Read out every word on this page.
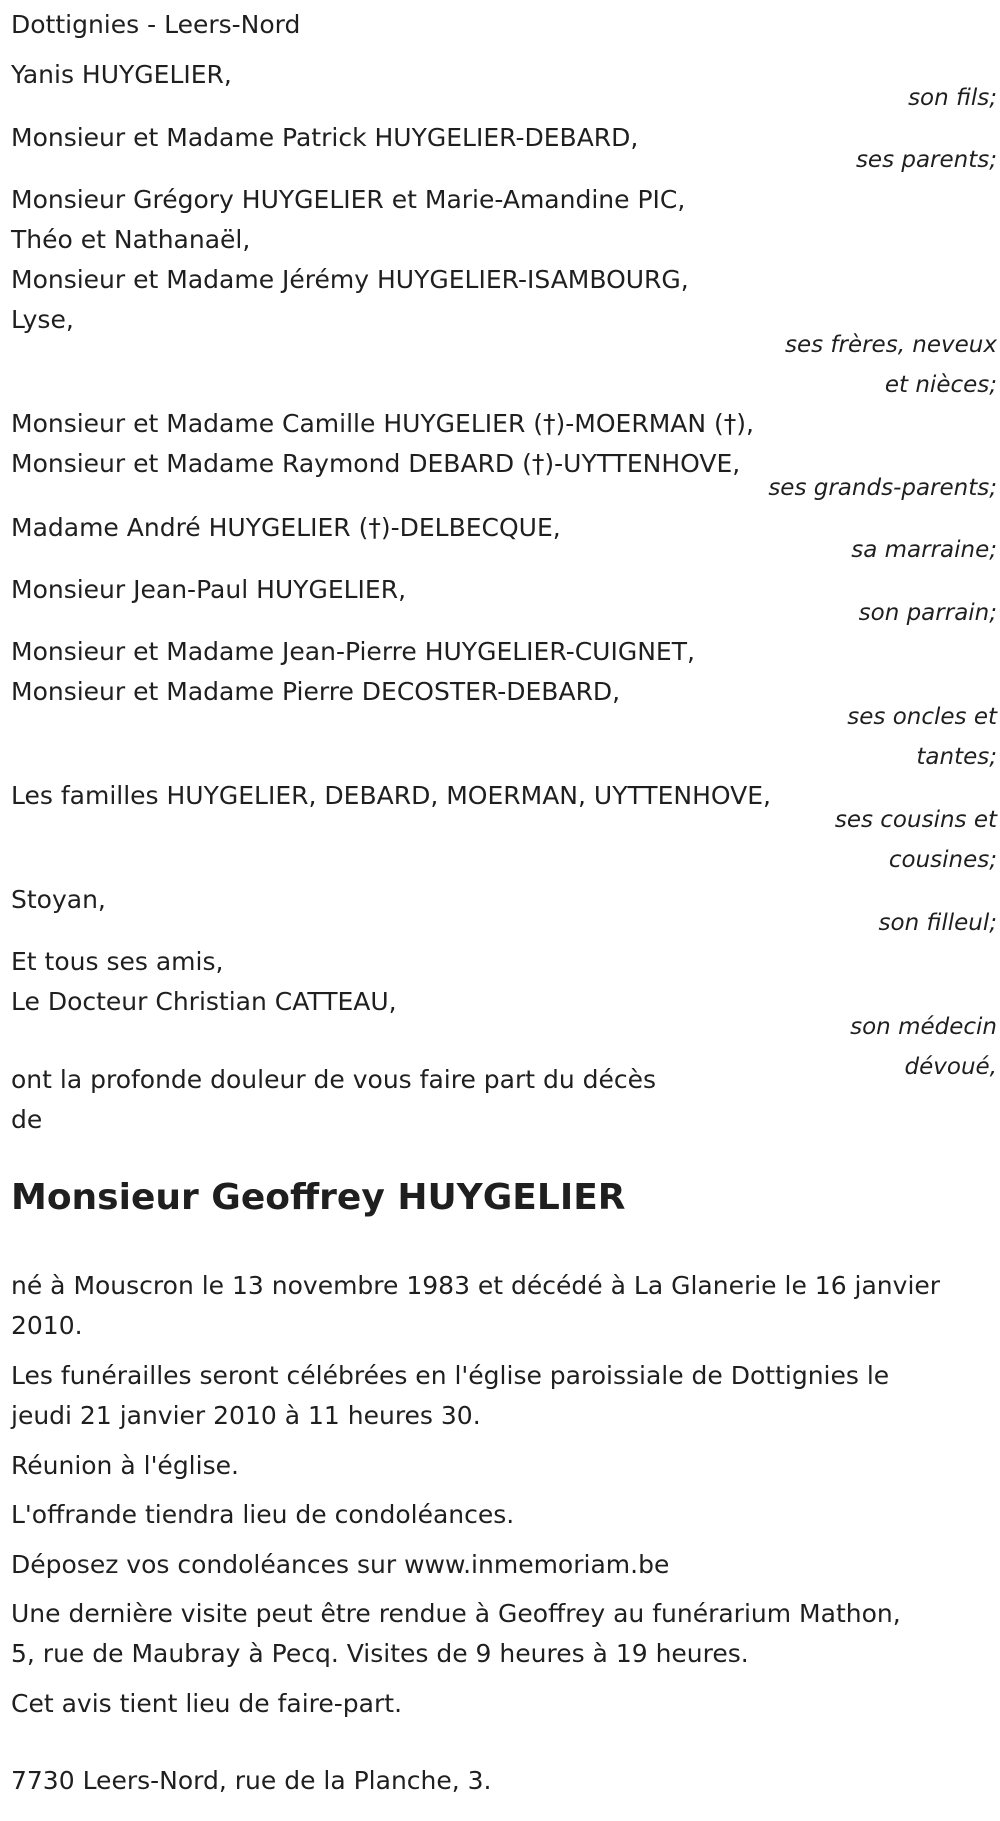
Dottignies - Leers-Nord

Yanis HUYGELIER,

son fils;

Monsieur et Madame Patrick HUYGELIER-DEBARD,

ses parents;

Monsieur Grégory HUYGELIER et Marie-Amandine PIC,

Théo et Nathanaël,

Monsieur et Madame Jérémy HUYGELIER-ISAMBOURG,

Lyse,

ses frères, neveux

et nièces;

Monsieur et Madame Camille HUYGELIER (†)-MOERMAN (†),

Monsieur et Madame Raymond DEBARD (†)-UYTTENHOVE,

ses grands-parents;

Madame André HUYGELIER (†)-DELBECQUE,

sa marraine;

Monsieur Jean-Paul HUYGELIER,

son parrain;

Monsieur et Madame Jean-Pierre HUYGELIER-CUIGNET,

Monsieur et Madame Pierre DECOSTER-DEBARD,

ses oncles et

tantes;

Les familles HUYGELIER, DEBARD, MOERMAN, UYTTENHOVE,

ses cousins et

cousines;

Stoyan,

son filleul;

Et tous ses amis,

Le Docteur Christian CATTEAU,

son médecin

dévoué,

ont la profonde douleur de vous faire part du décès

de

Monsieur Geoffrey HUYGELIER

né à Mouscron le 13 novembre 1983 et décédé à La Glanerie le 16 janvier

2010.

Les funérailles seront célébrées en l'église paroissiale de Dottignies le

jeudi 21 janvier 2010 à 11 heures 30.

Réunion à l'église.

L'offrande tiendra lieu de condoléances.

Déposez vos condoléances sur www.inmemoriam.be

Une dernière visite peut être rendue à Geoffrey au funérarium Mathon,

5, rue de Maubray à Pecq. Visites de 9 heures à 19 heures.

Cet avis tient lieu de faire-part.

7730 Leers-Nord, rue de la Planche, 3.
